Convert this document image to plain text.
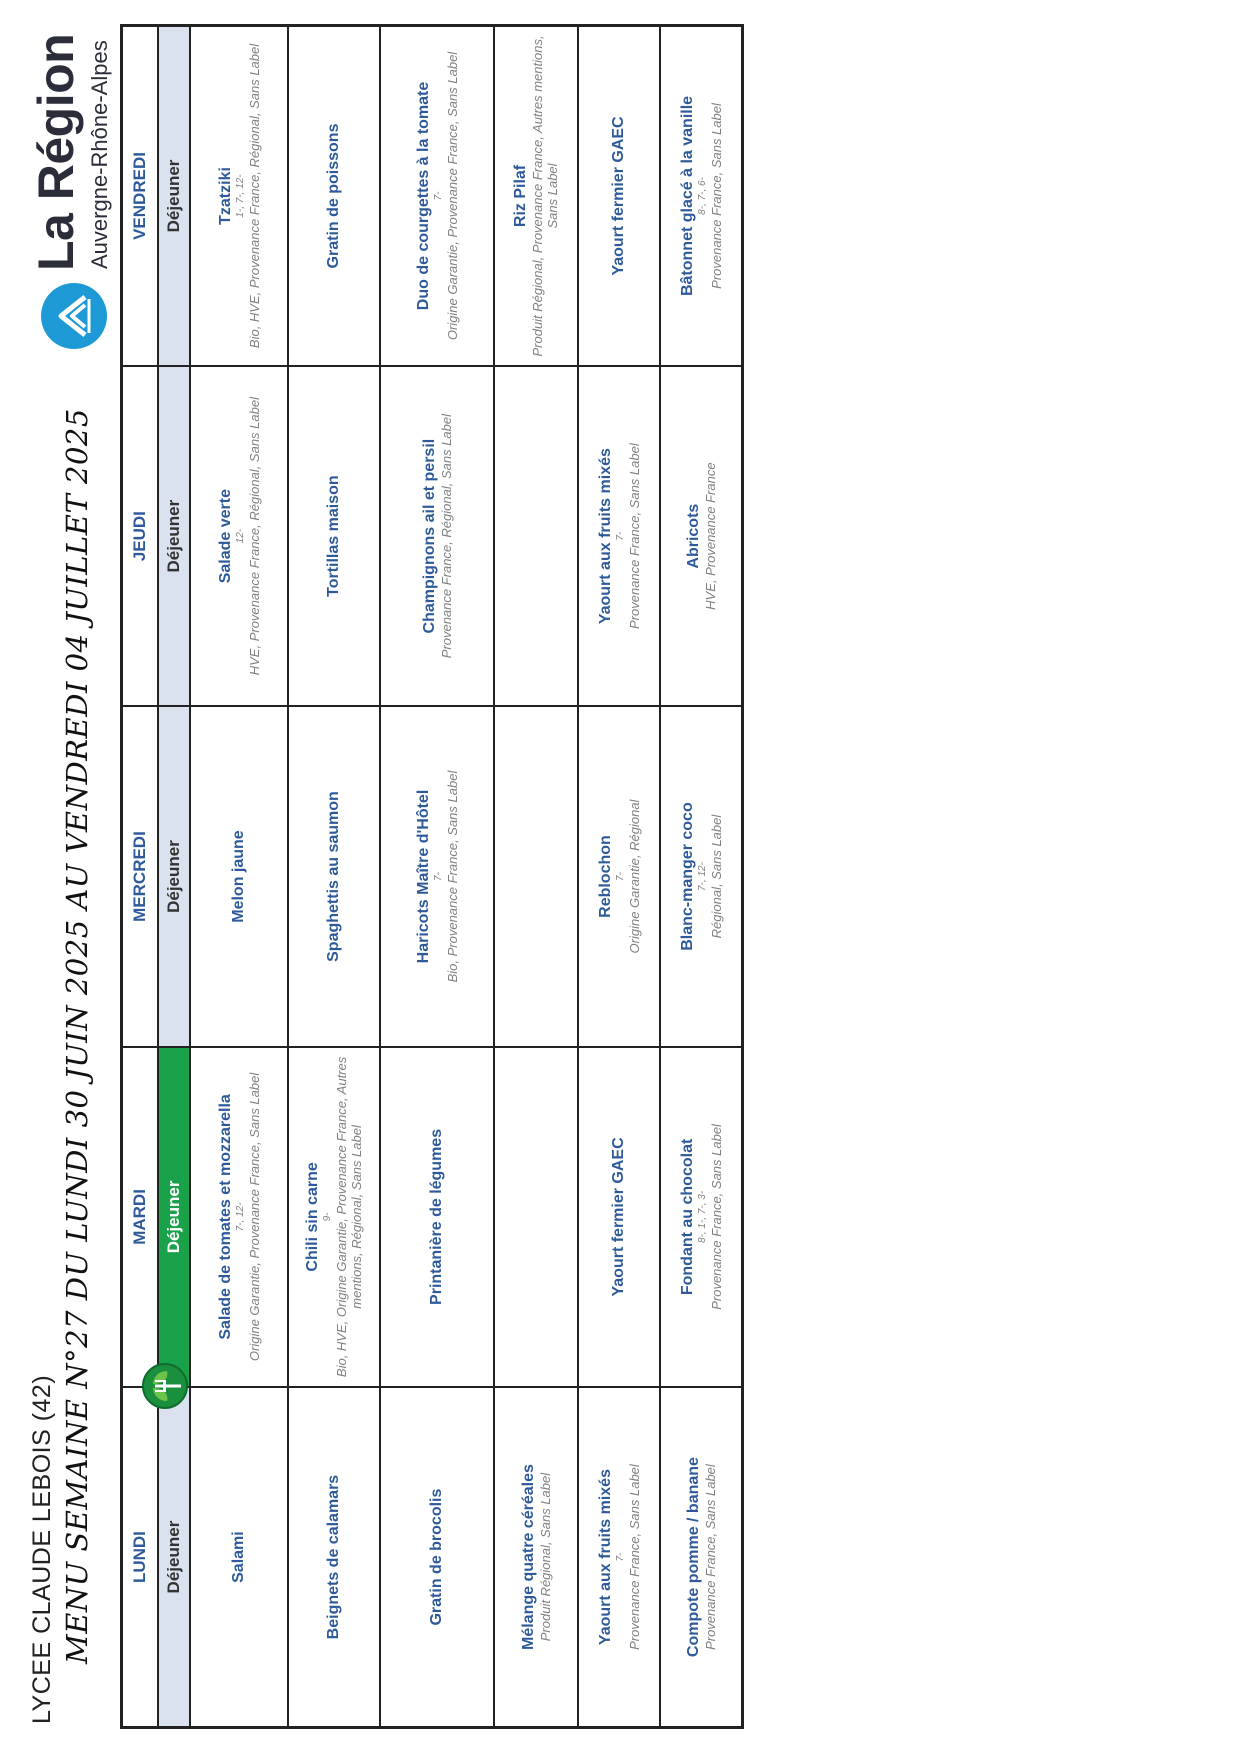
LYCEE CLAUDE LEBOIS (42) MENU SEMAINE N°27 DU LUNDI 30 JUIN 2025 AU VENDREDI 04 JUILLET 2025
La Région Auvergne-Rhône-Alpes
LUNDI	MARDI	MERCREDI	JEUDI	VENDREDI
Déjeuner	Déjeuner	Déjeuner	Déjeuner	Déjeuner

Salami	Salade de tomates et mozzarella 7-, 12- Origine Garantie, Provenance France, Sans Label	Melon jaune	Salade verte 12- HVE, Provenance France, Régional, Sans Label	Tzatziki 1-, 7-, 12- Bio, HVE, Provenance France, Régional, Sans Label

Beignets de calamars	Chili sin carne 9- Bio, HVE, Origine Garantie, Provenance France, Autres mentions, Régional, Sans Label	Spaghettis au saumon	Tortillas maison	Gratin de poissons

Gratin de brocolis	Printanière de légumes	Haricots Maître d'Hôtel 7- Bio, Provenance France, Sans Label	Champignons ail et persil Provenance France, Régional, Sans Label	Duo de courgettes à la tomate 7- Origine Garantie, Provenance France, Sans Label

Mélange quatre céréales Produit Régional, Sans Label				Riz Pilaf Produit Régional, Provenance France, Autres mentions, Sans Label

Yaourt aux fruits mixés 7- Provenance France, Sans Label	Yaourt fermier GAEC	Reblochon 7- Origine Garantie, Régional	Yaourt aux fruits mixés 7- Provenance France, Sans Label	Yaourt fermier GAEC

Compote pomme / banane Provenance France, Sans Label	Fondant au chocolat 8-, 1-, 7-, 3- Provenance France, Sans Label	Blanc-manger coco 7-, 12- Régional, Sans Label	Abricots HVE, Provenance France	Bâtonnet glacé à la vanille 8-, 7-, 6- Provenance France, Sans Label
